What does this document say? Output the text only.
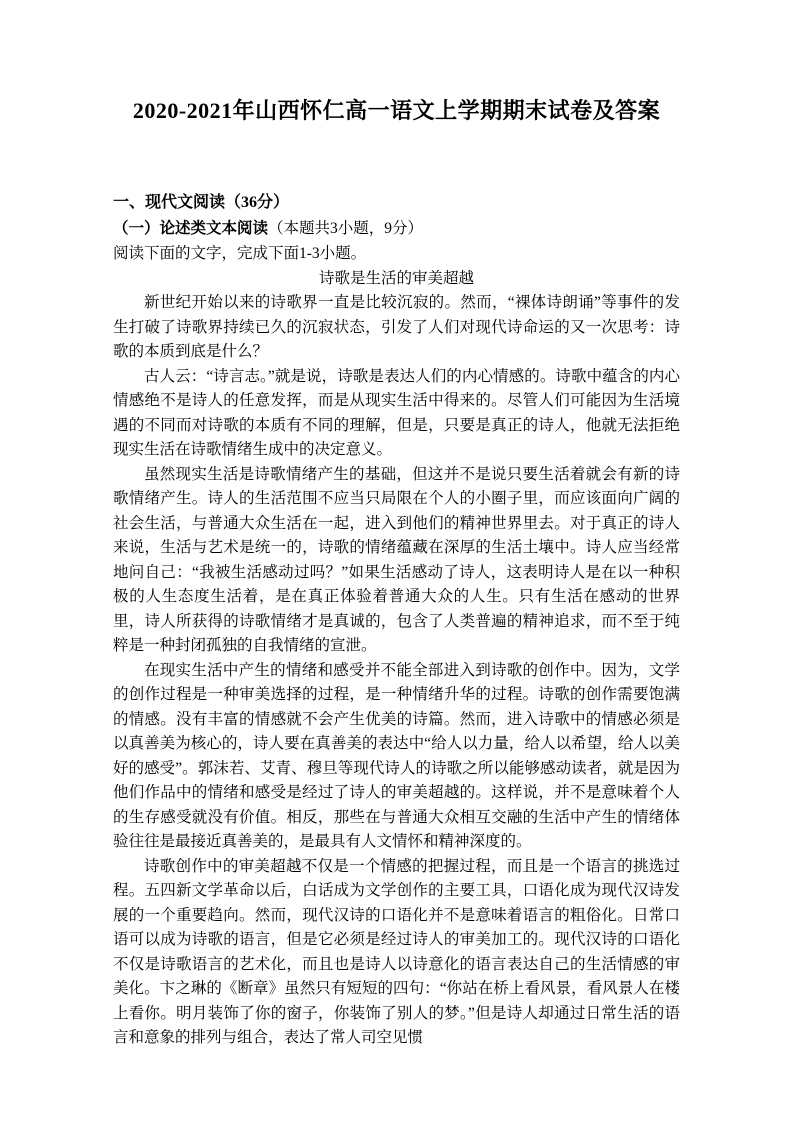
2020-2021年山西怀仁高一语文上学期期末试卷及答案

一、现代文阅读（36分）

（一）论述类文本阅读（本题共3小题，9分）

阅读下面的文字，完成下面1-3小题。

诗歌是生活的审美超越

新世纪开始以来的诗歌界一直是比较沉寂的。然而，“裸体诗朗诵”等事件的发生打破了诗歌界持续已久的沉寂状态，引发了人们对现代诗命运的又一次思考：诗歌的本质到底是什么？

古人云：“诗言志。”就是说，诗歌是表达人们的内心情感的。诗歌中蕴含的内心情感绝不是诗人的任意发挥，而是从现实生活中得来的。尽管人们可能因为生活境遇的不同而对诗歌的本质有不同的理解，但是，只要是真正的诗人，他就无法拒绝现实生活在诗歌情绪生成中的决定意义。

虽然现实生活是诗歌情绪产生的基础，但这并不是说只要生活着就会有新的诗歌情绪产生。诗人的生活范围不应当只局限在个人的小圈子里，而应该面向广阔的社会生活，与普通大众生活在一起，进入到他们的精神世界里去。对于真正的诗人来说，生活与艺术是统一的，诗歌的情绪蕴藏在深厚的生活土壤中。诗人应当经常地问自己：“我被生活感动过吗？”如果生活感动了诗人，这表明诗人是在以一种积极的人生态度生活着，是在真正体验着普通大众的人生。只有生活在感动的世界里，诗人所获得的诗歌情绪才是真诚的，包含了人类普遍的精神追求，而不至于纯粹是一种封闭孤独的自我情绪的宣泄。

在现实生活中产生的情绪和感受并不能全部进入到诗歌的创作中。因为，文学的创作过程是一种审美选择的过程，是一种情绪升华的过程。诗歌的创作需要饱满的情感。没有丰富的情感就不会产生优美的诗篇。然而，进入诗歌中的情感必须是以真善美为核心的，诗人要在真善美的表达中“给人以力量，给人以希望，给人以美好的感受”。郭沫若、艾青、穆旦等现代诗人的诗歌之所以能够感动读者，就是因为他们作品中的情绪和感受是经过了诗人的审美超越的。这样说，并不是意味着个人的生存感受就没有价值。相反，那些在与普通大众相互交融的生活中产生的情绪体验往往是最接近真善美的，是最具有人文情怀和精神深度的。

诗歌创作中的审美超越不仅是一个情感的把握过程，而且是一个语言的挑选过程。五四新文学革命以后，白话成为文学创作的主要工具，口语化成为现代汉诗发展的一个重要趋向。然而，现代汉诗的口语化并不是意味着语言的粗俗化。日常口语可以成为诗歌的语言，但是它必须是经过诗人的审美加工的。现代汉诗的口语化不仅是诗歌语言的艺术化，而且也是诗人以诗意化的语言表达自己的生活情感的审美化。卞之琳的《断章》虽然只有短短的四句：“你站在桥上看风景，看风景人在楼上看你。明月装饰了你的窗子，你装饰了别人的梦。”但是诗人却通过日常生活的语言和意象的排列与组合，表达了常人司空见惯
